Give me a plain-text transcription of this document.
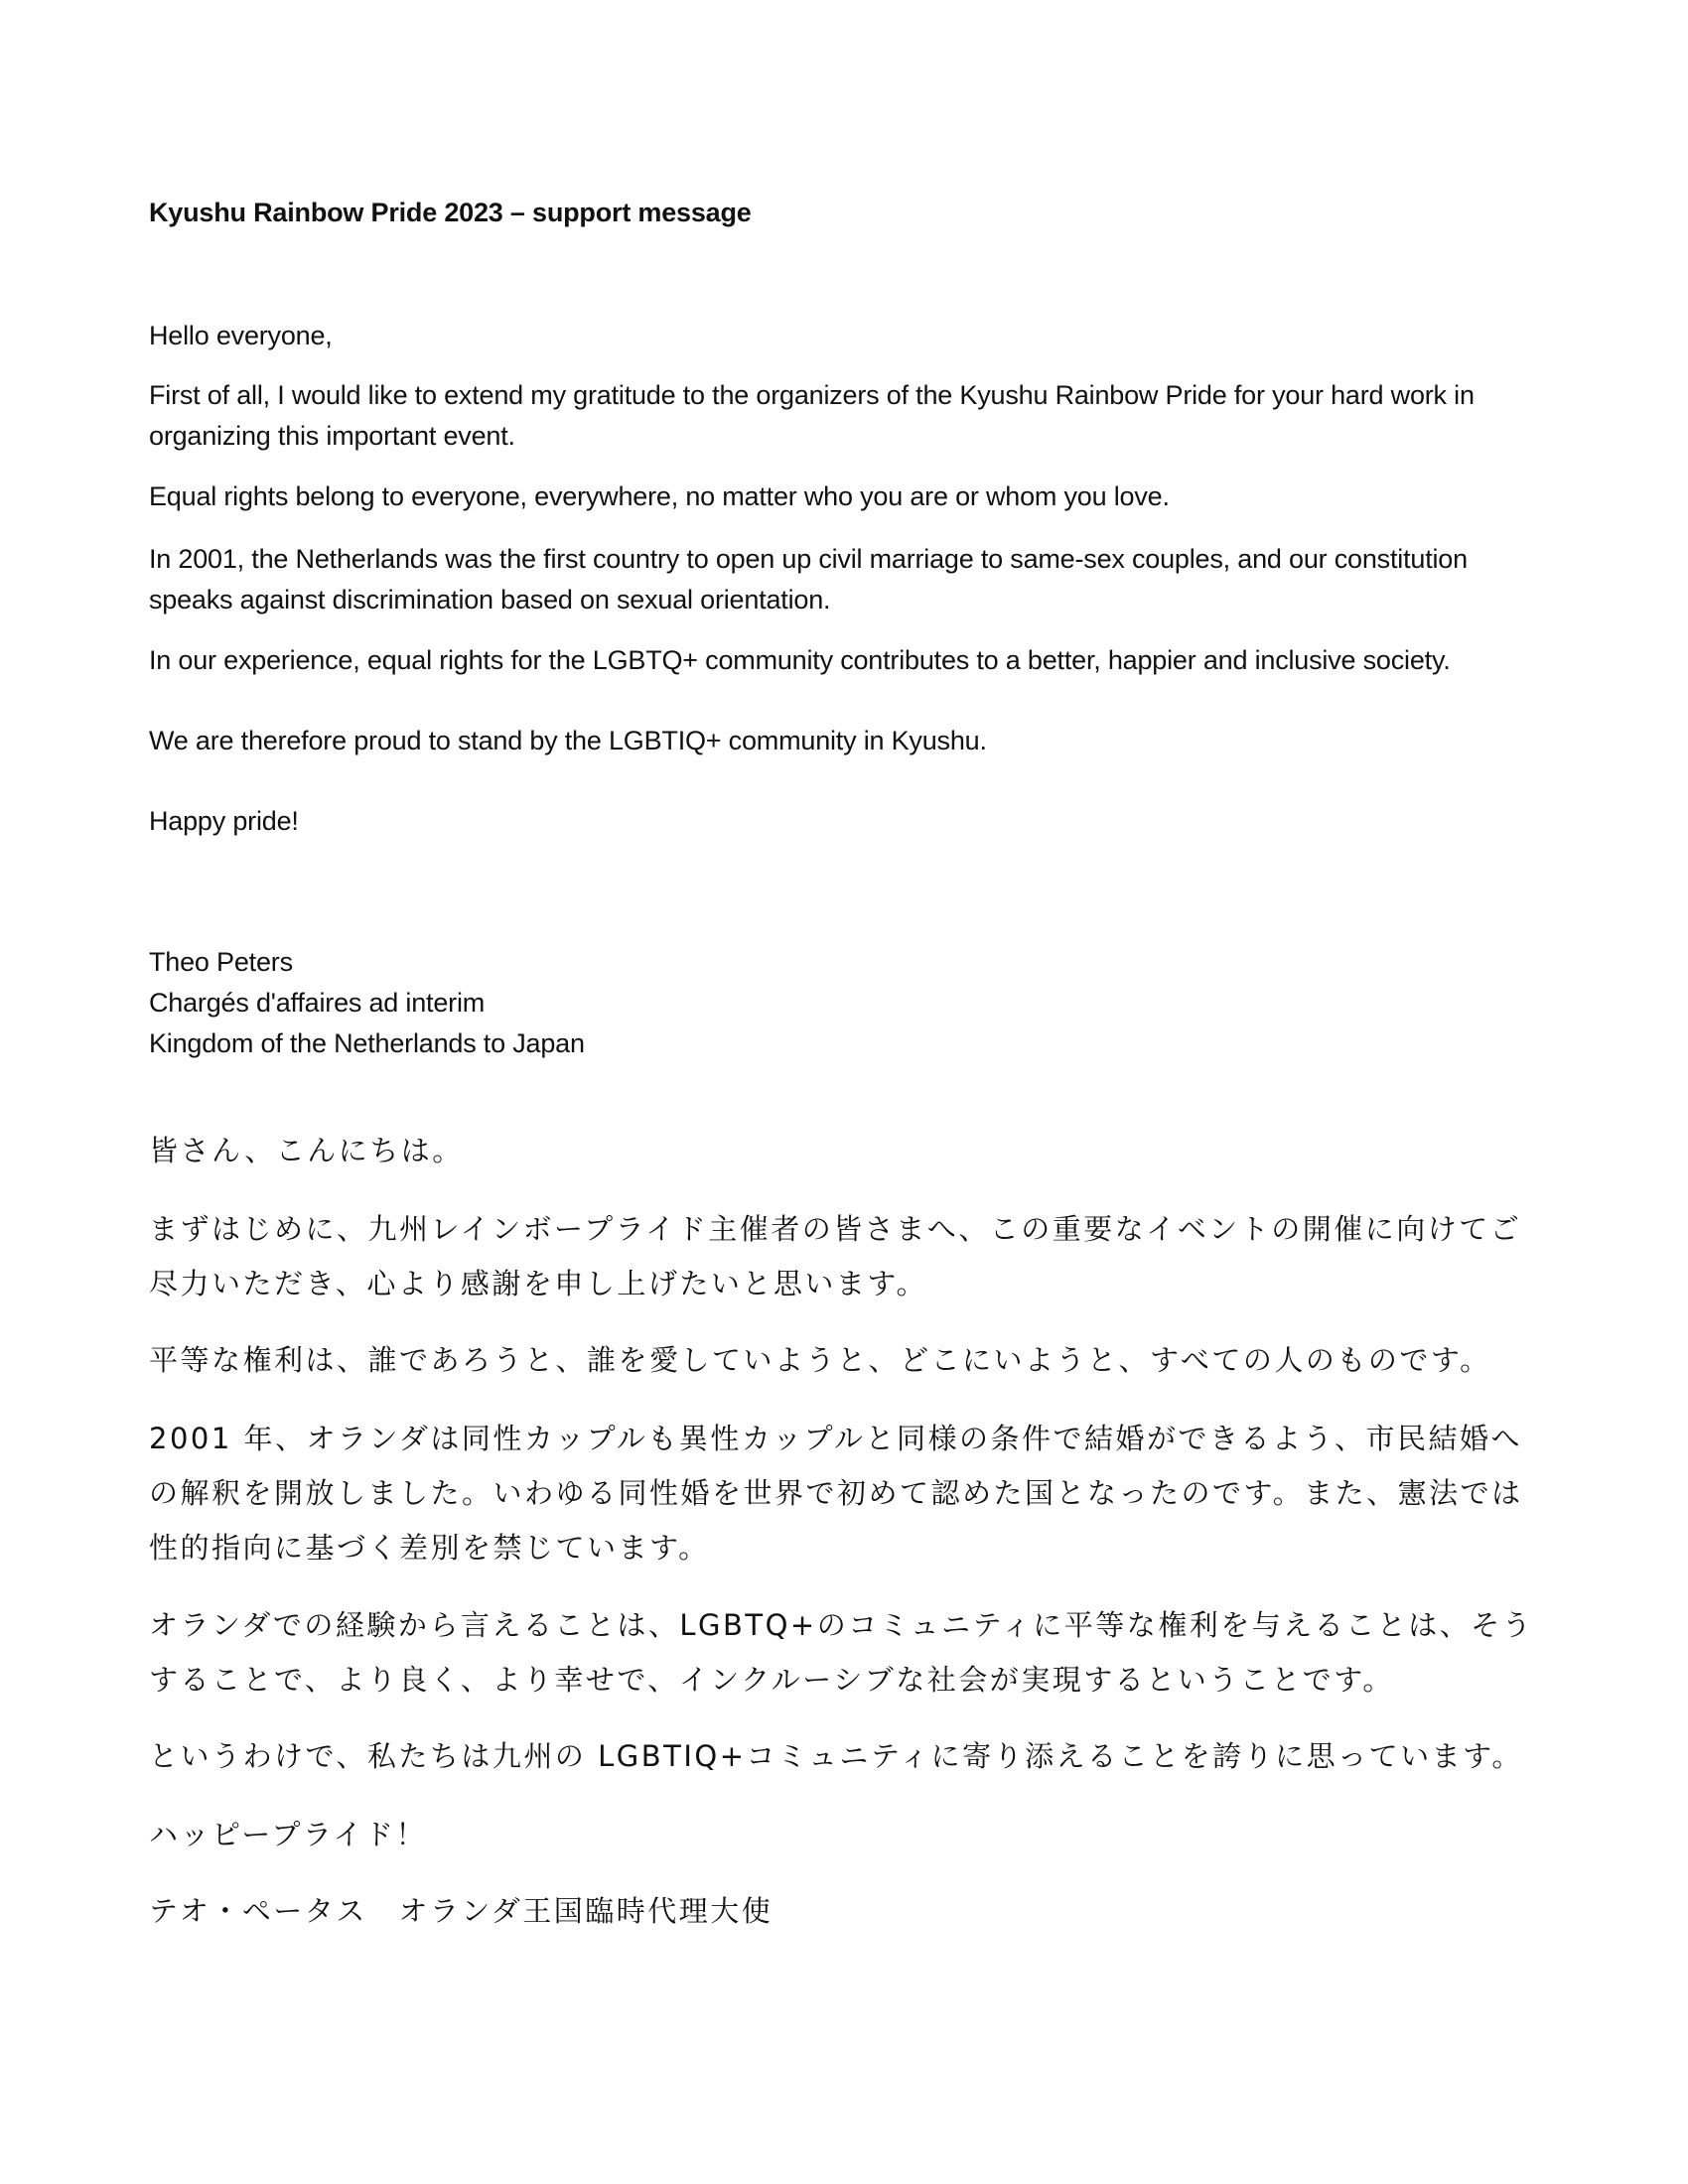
Kyushu Rainbow Pride 2023 – support message

Hello everyone,

First of all, I would like to extend my gratitude to the organizers of the Kyushu Rainbow Pride for your hard work in organizing this important event.

Equal rights belong to everyone, everywhere, no matter who you are or whom you love.

In 2001, the Netherlands was the first country to open up civil marriage to same-sex couples, and our constitution speaks against discrimination based on sexual orientation.

In our experience, equal rights for the LGBTQ+ community contributes to a better, happier and inclusive society.

We are therefore proud to stand by the LGBTIQ+ community in Kyushu.

Happy pride!

Theo Peters
Chargés d'affaires ad interim
Kingdom of the Netherlands to Japan

皆さん、こんにちは。

まずはじめに、九州レインボープライド主催者の皆さまへ、この重要なイベントの開催に向けてご尽力いただき、心より感謝を申し上げたいと思います。

平等な権利は、誰であろうと、誰を愛していようと、どこにいようと、すべての人のものです。

2001 年、オランダは同性カップルも異性カップルと同様の条件で結婚ができるよう、市民結婚への解釈を開放しました。いわゆる同性婚を世界で初めて認めた国となったのです。また、憲法では性的指向に基づく差別を禁じています。

オランダでの経験から言えることは、LGBTQ+のコミュニティに平等な権利を与えることは、そうすることで、より良く、より幸せで、インクルーシブな社会が実現するということです。

というわけで、私たちは九州の LGBTIQ+コミュニティに寄り添えることを誇りに思っています。

ハッピープライド！

テオ・ペータス　オランダ王国臨時代理大使
